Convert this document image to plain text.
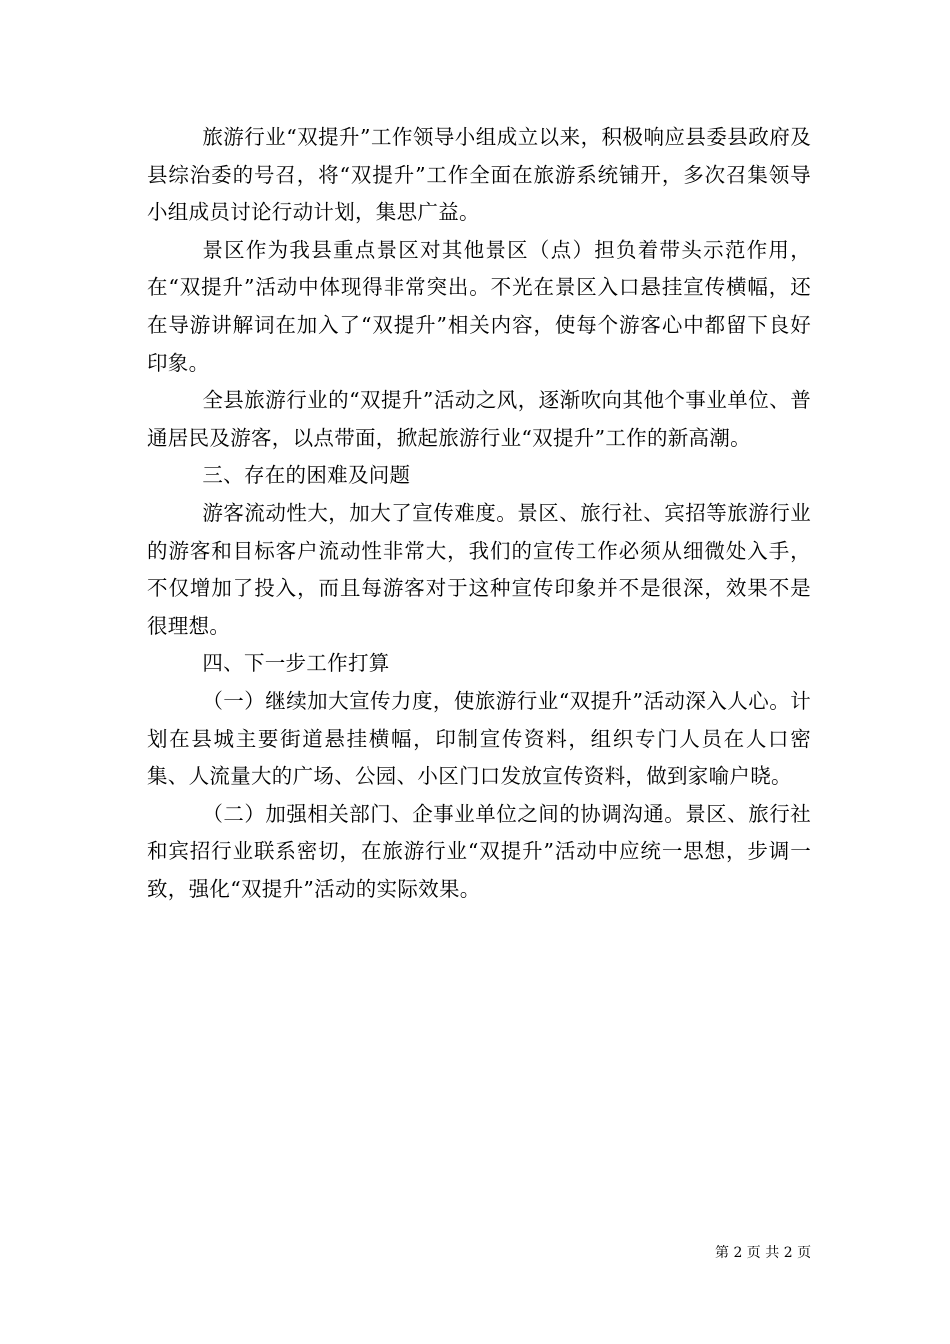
旅游行业“双提升”工作领导小组成立以来，积极响应县委县政府及县综治委的号召，将“双提升”工作全面在旅游系统铺开，多次召集领导小组成员讨论行动计划，集思广益。

景区作为我县重点景区对其他景区（点）担负着带头示范作用，在“双提升”活动中体现得非常突出。不光在景区入口悬挂宣传横幅，还在导游讲解词在加入了“双提升”相关内容，使每个游客心中都留下良好印象。

全县旅游行业的“双提升”活动之风，逐渐吹向其他个事业单位、普通居民及游客，以点带面，掀起旅游行业“双提升”工作的新高潮。

三、存在的困难及问题

游客流动性大，加大了宣传难度。景区、旅行社、宾招等旅游行业的游客和目标客户流动性非常大，我们的宣传工作必须从细微处入手，不仅增加了投入，而且每游客对于这种宣传印象并不是很深，效果不是很理想。

四、下一步工作打算

（一）继续加大宣传力度，使旅游行业“双提升”活动深入人心。计划在县城主要街道悬挂横幅，印制宣传资料，组织专门人员在人口密集、人流量大的广场、公园、小区门口发放宣传资料，做到家喻户晓。

（二）加强相关部门、企事业单位之间的协调沟通。景区、旅行社和宾招行业联系密切，在旅游行业“双提升”活动中应统一思想，步调一致，强化“双提升”活动的实际效果。

第 2 页 共 2 页
